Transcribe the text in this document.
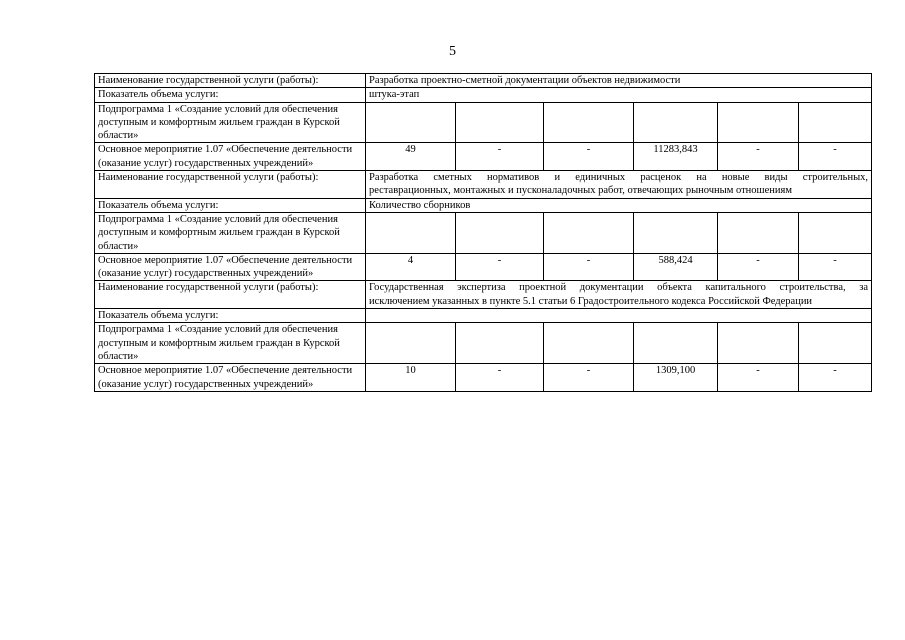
5
Наименование государственной услуги (работы):	Разработка проектно-сметной документации объектов недвижимости					

Показатель объема услуги:	штука-этап					
Подпрограмма 1 «Создание условий для обеспечения доступным и комфортным жильем граждан в Курской области»						
Основное мероприятие 1.07 «Обеспечение деятельности (оказание услуг) государственных учреждений»	49	-	-	11283,843	-	-
Наименование государственной услуги (работы):	Разработка сметных нормативов и единичных расценок на новые виды строительных,
реставрационных, монтажных и пусконаладочных работ, отвечающих рыночным отношениям					

Показатель объема услуги:	Количество сборников					
Подпрограмма 1 «Создание условий для обеспечения доступным и комфортным жильем граждан в Курской области»						
Основное мероприятие 1.07 «Обеспечение деятельности (оказание услуг) государственных учреждений»	4	-	-	588,424	-	-
Наименование государственной услуги (работы):	Государственная экспертиза проектной документации объекта капитального строительства, за
исключением указанных в пункте 5.1 статьи 6 Градостроительного кодекса Российской Федерации					

Показатель объема услуги:						
Подпрограмма 1 «Создание условий для обеспечения доступным и комфортным жильем граждан в Курской области»						
Основное мероприятие 1.07 «Обеспечение деятельности (оказание услуг) государственных учреждений»	10	-	-	1309,100	-	-
